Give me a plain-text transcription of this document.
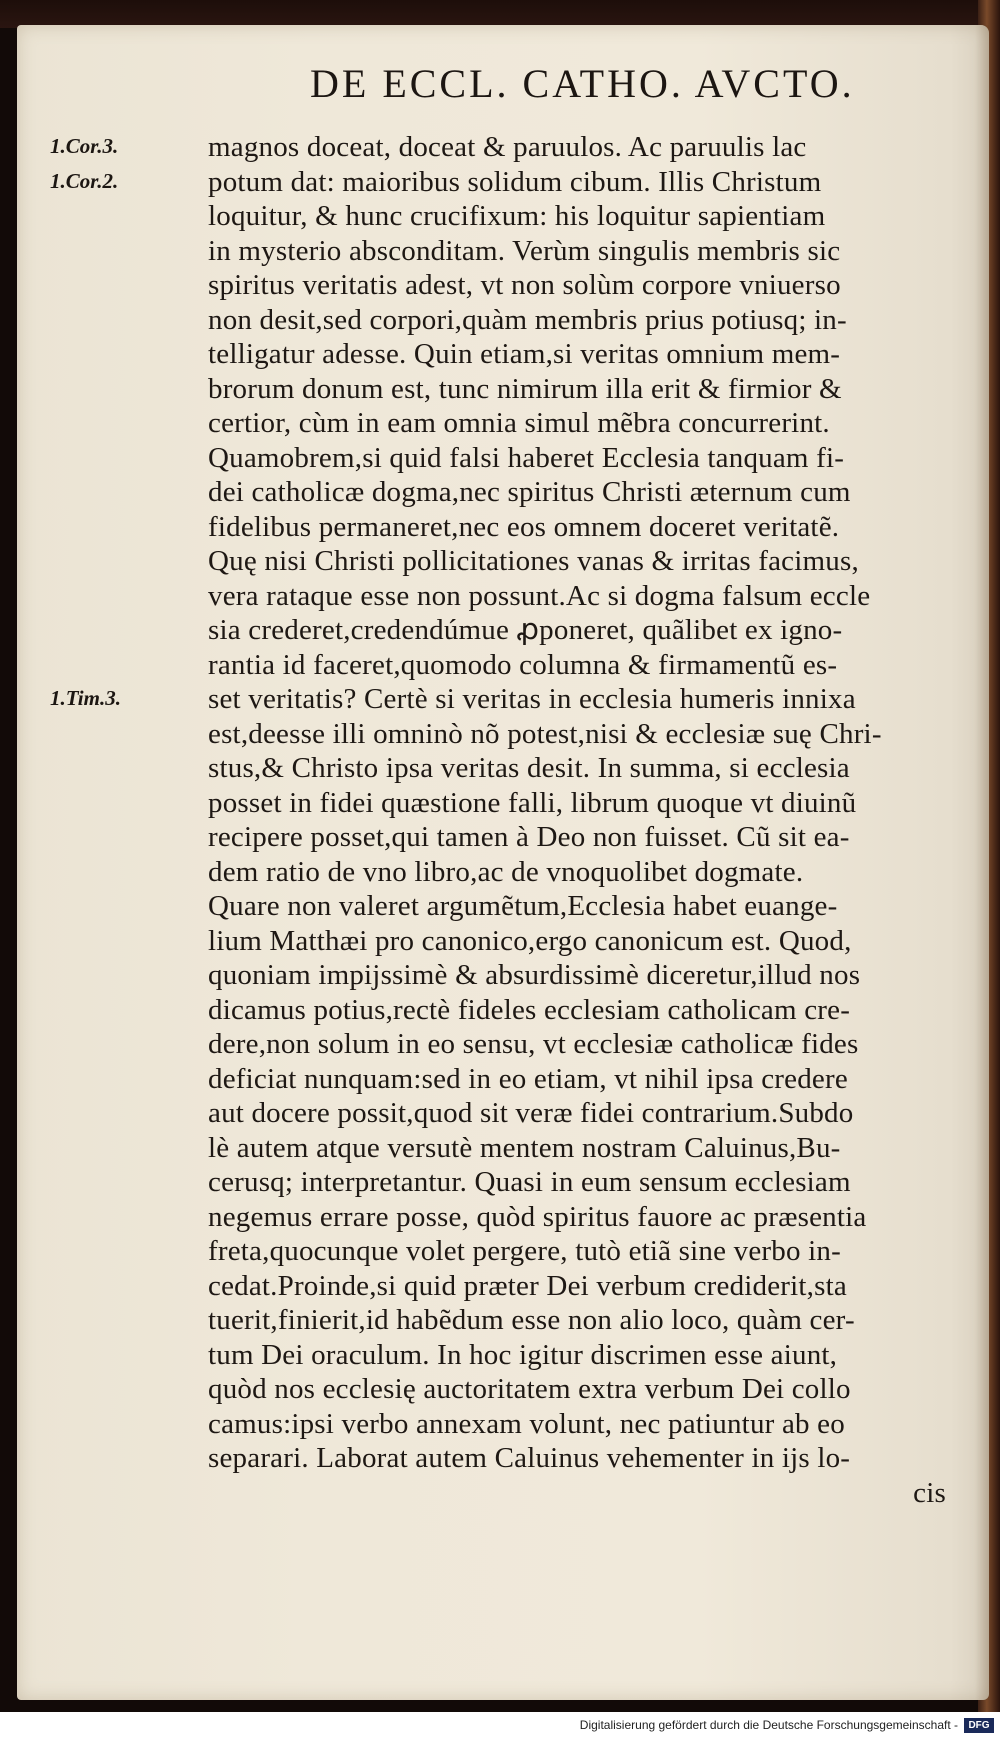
DE ECCL. CATHO. AVCTO.
1.Cor.3.
1.Cor.2.
1.Tim.3.
magnos doceat, doceat & paruulos. Ac paruulis lac
potum dat: maioribus solidum cibum. Illis Christum
loquitur, & hunc crucifixum: his loquitur sapientiam
in mysterio absconditam. Verùm singulis membris sic
spiritus veritatis adest, vt non solùm corpore vniuerso
non desit,sed corpori,quàm membris prius potiusq; in-
telligatur adesse. Quin etiam,si veritas omnium mem-
brorum donum est, tunc nimirum illa erit & firmior &
certior, cùm in eam omnia simul mẽbra concurrerint.
Quamobrem,si quid falsi haberet Ecclesia tanquam fi-
dei catholicæ dogma,nec spiritus Christi æternum cum
fidelibus permaneret,nec eos omnem doceret veritatẽ.
Quę nisi Christi pollicitationes vanas & irritas facimus,
vera rataque esse non possunt.Ac si dogma falsum eccle
sia crederet,credendúmue ꝓponeret, quãlibet ex igno-
rantia id faceret,quomodo columna & firmamentũ es-
set veritatis? Certè si veritas in ecclesia humeris innixa
est,deesse illi omninò nõ potest,nisi & ecclesiæ suę Chri-
stus,& Christo ipsa veritas desit. In summa, si ecclesia
posset in fidei quæstione falli, librum quoque vt diuinũ
recipere posset,qui tamen à Deo non fuisset. Cũ sit ea-
dem ratio de vno libro,ac de vnoquolibet dogmate.
Quare non valeret argumẽtum,Ecclesia habet euange-
lium Matthæi pro canonico,ergo canonicum est. Quod,
quoniam impijssimè & absurdissimè diceretur,illud nos
dicamus potius,rectè fideles ecclesiam catholicam cre-
dere,non solum in eo sensu, vt ecclesiæ catholicæ fides
deficiat nunquam:sed in eo etiam, vt nihil ipsa credere
aut docere possit,quod sit veræ fidei contrarium.Subdo
lè autem atque versutè mentem nostram Caluinus,Bu-
cerusq; interpretantur. Quasi in eum sensum ecclesiam
negemus errare posse, quòd spiritus fauore ac præsentia
freta,quocunque volet pergere, tutò etiã sine verbo in-
cedat.Proinde,si quid præter Dei verbum crediderit,sta
tuerit,finierit,id habẽdum esse non alio loco, quàm cer-
tum Dei oraculum. In hoc igitur discrimen esse aiunt,
quòd nos ecclesię auctoritatem extra verbum Dei collo
camus:ipsi verbo annexam volunt, nec patiuntur ab eo
separari. Laborat autem Caluinus vehementer in ijs lo-
cis
Digitalisierung gefördert durch die Deutsche Forschungsgemeinschaft -	DFG
